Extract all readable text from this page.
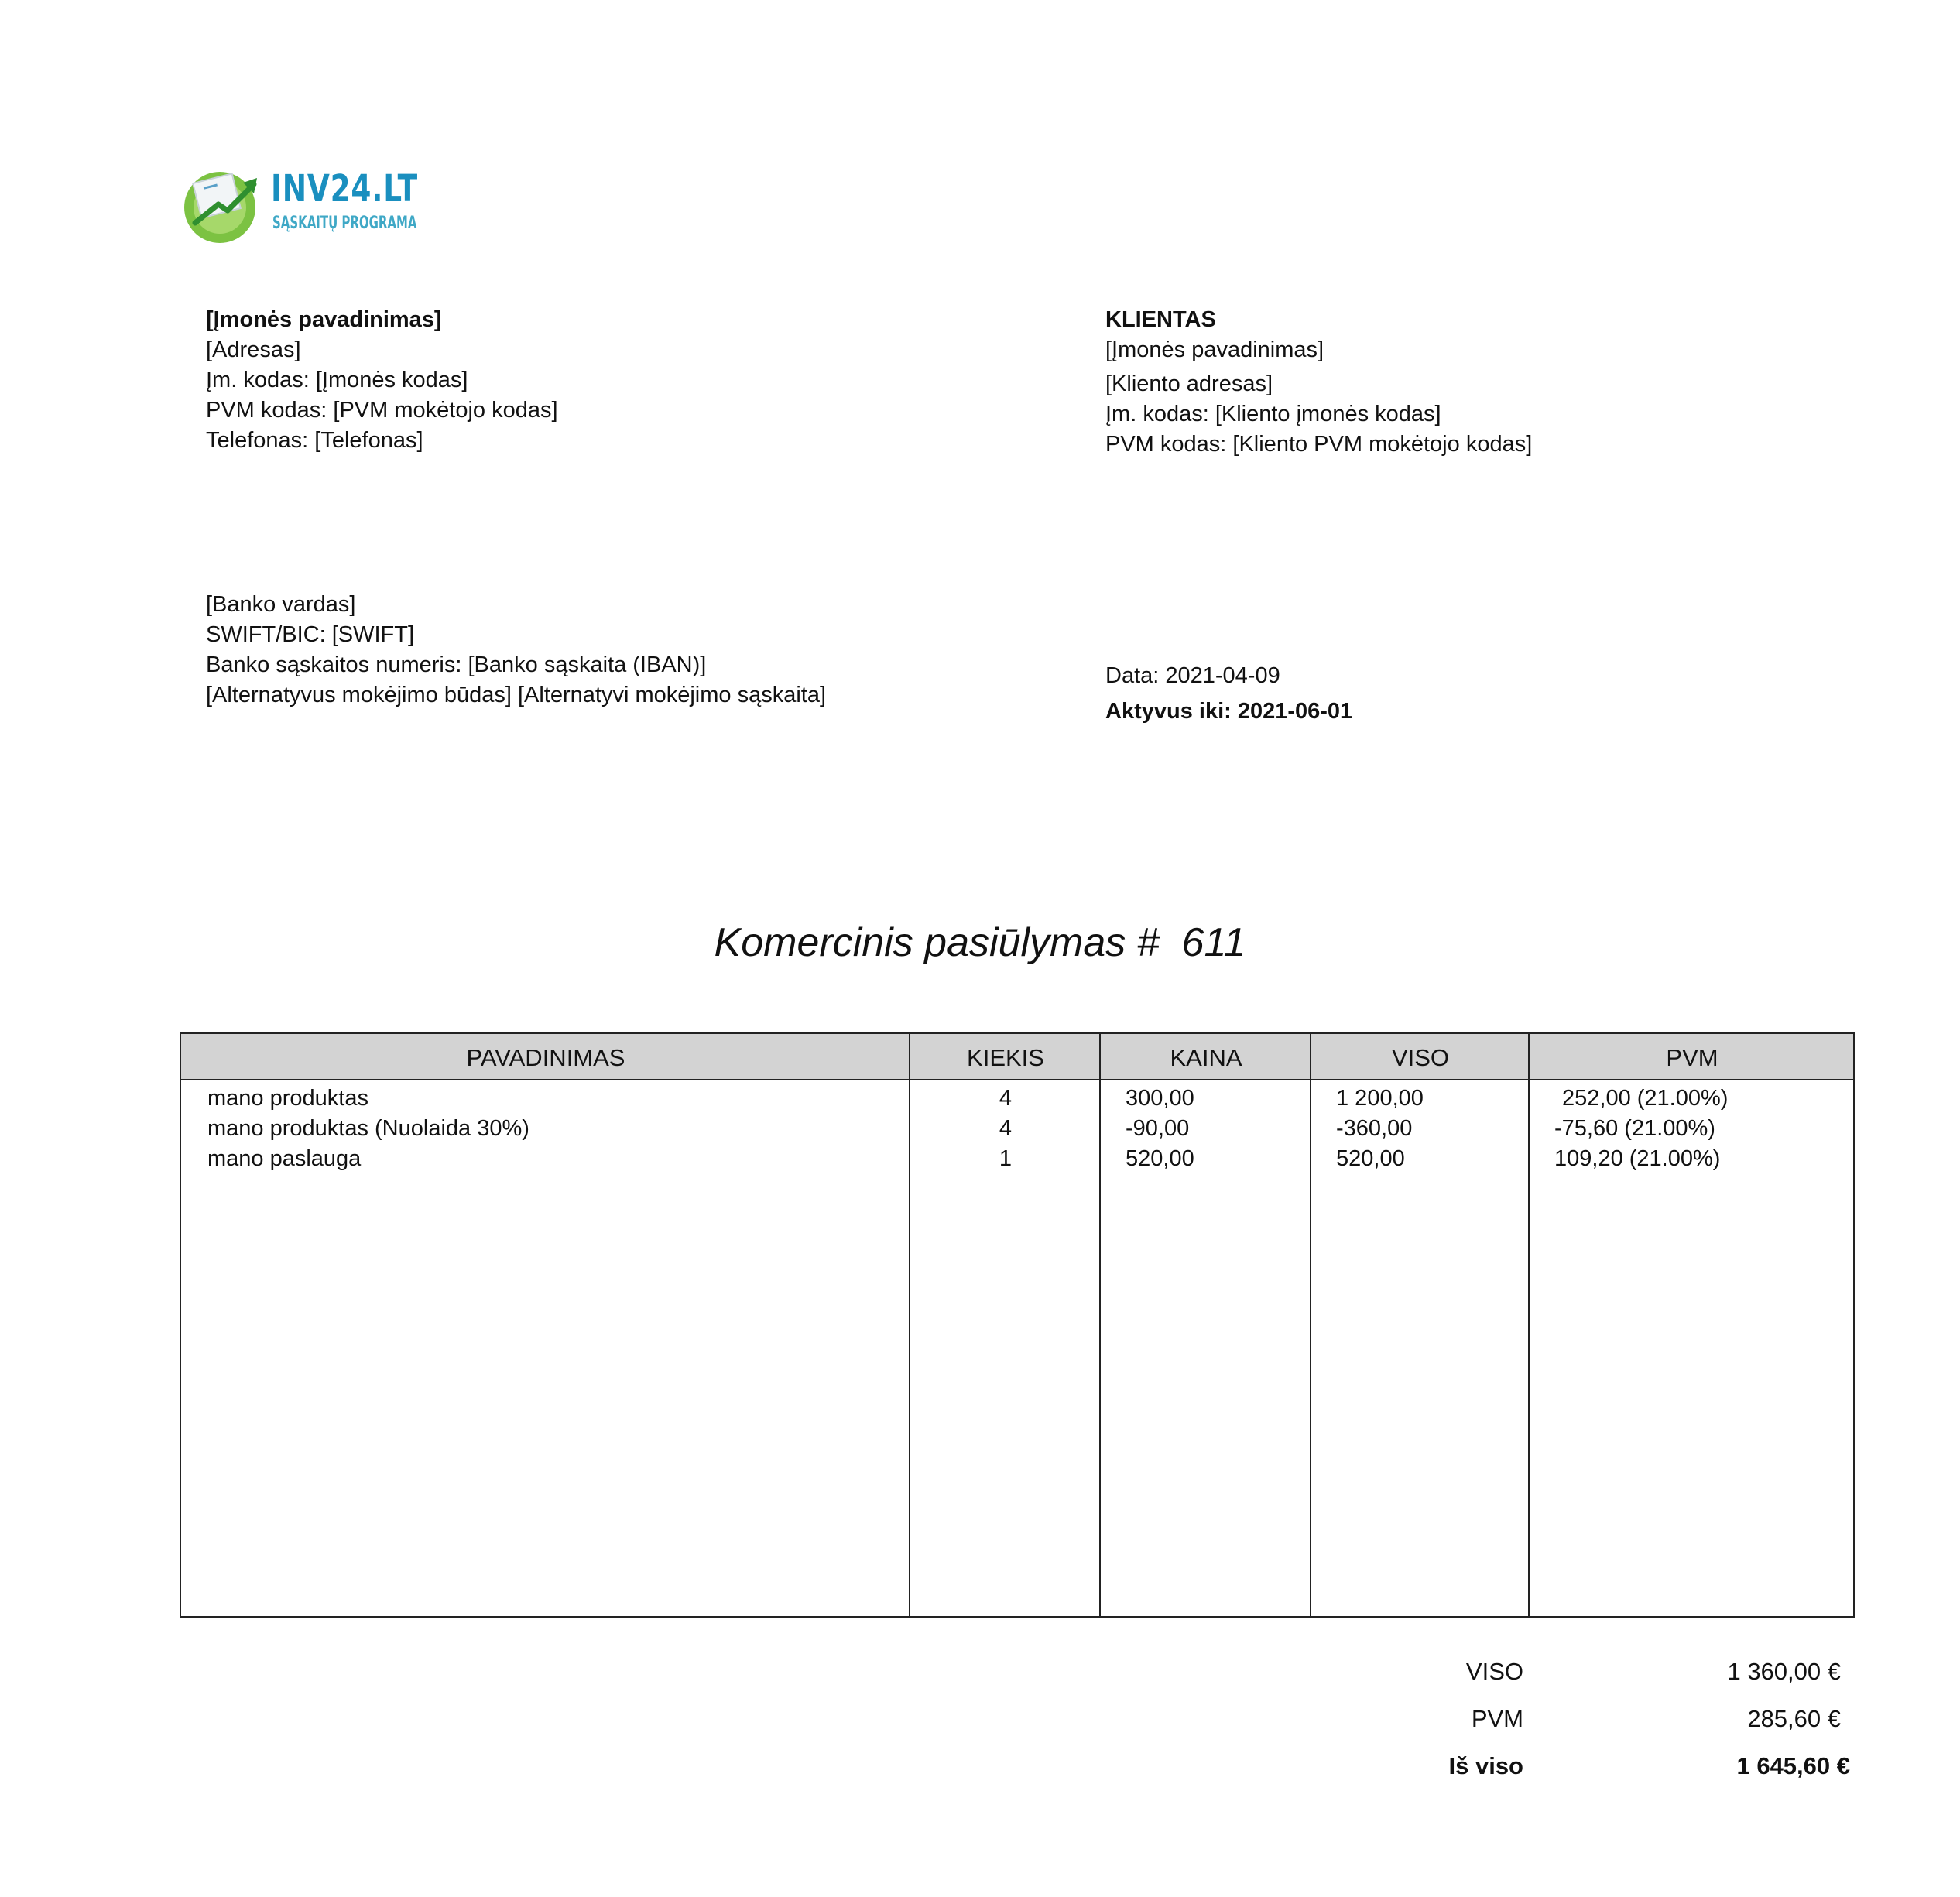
INV24.LT
SĄSKAITŲ PROGRAMA
[Įmonės pavadinimas]
[Adresas]
Įm. kodas: [Įmonės kodas]
PVM kodas: [PVM mokėtojo kodas]
Telefonas: [Telefonas]
KLIENTAS
[Įmonės pavadinimas]
[Kliento adresas]
Įm. kodas: [Kliento įmonės kodas]
PVM kodas: [Kliento PVM mokėtojo kodas]
[Banko vardas]
SWIFT/BIC: [SWIFT]
Banko sąskaitos numeris: [Banko sąskaita (IBAN)]
[Alternatyvus mokėjimo būdas] [Alternatyvi mokėjimo sąskaita]
Data: 2021-04-09
Aktyvus iki: 2021-06-01
Komercinis pasiūlymas #  611
PAVADINIMAS	KIEKIS	KAINA	VISO	PVM
mano produktas	4	300,00	1 200,00	252,00 (21.00%)
mano produktas (Nuolaida 30%)	4	-90,00	-360,00	-75,60 (21.00%)
mano paslauga	1	520,00	520,00	109,20 (21.00%)
VISO	1 360,00 €
PVM	285,60 €
Iš viso	1 645,60 €
